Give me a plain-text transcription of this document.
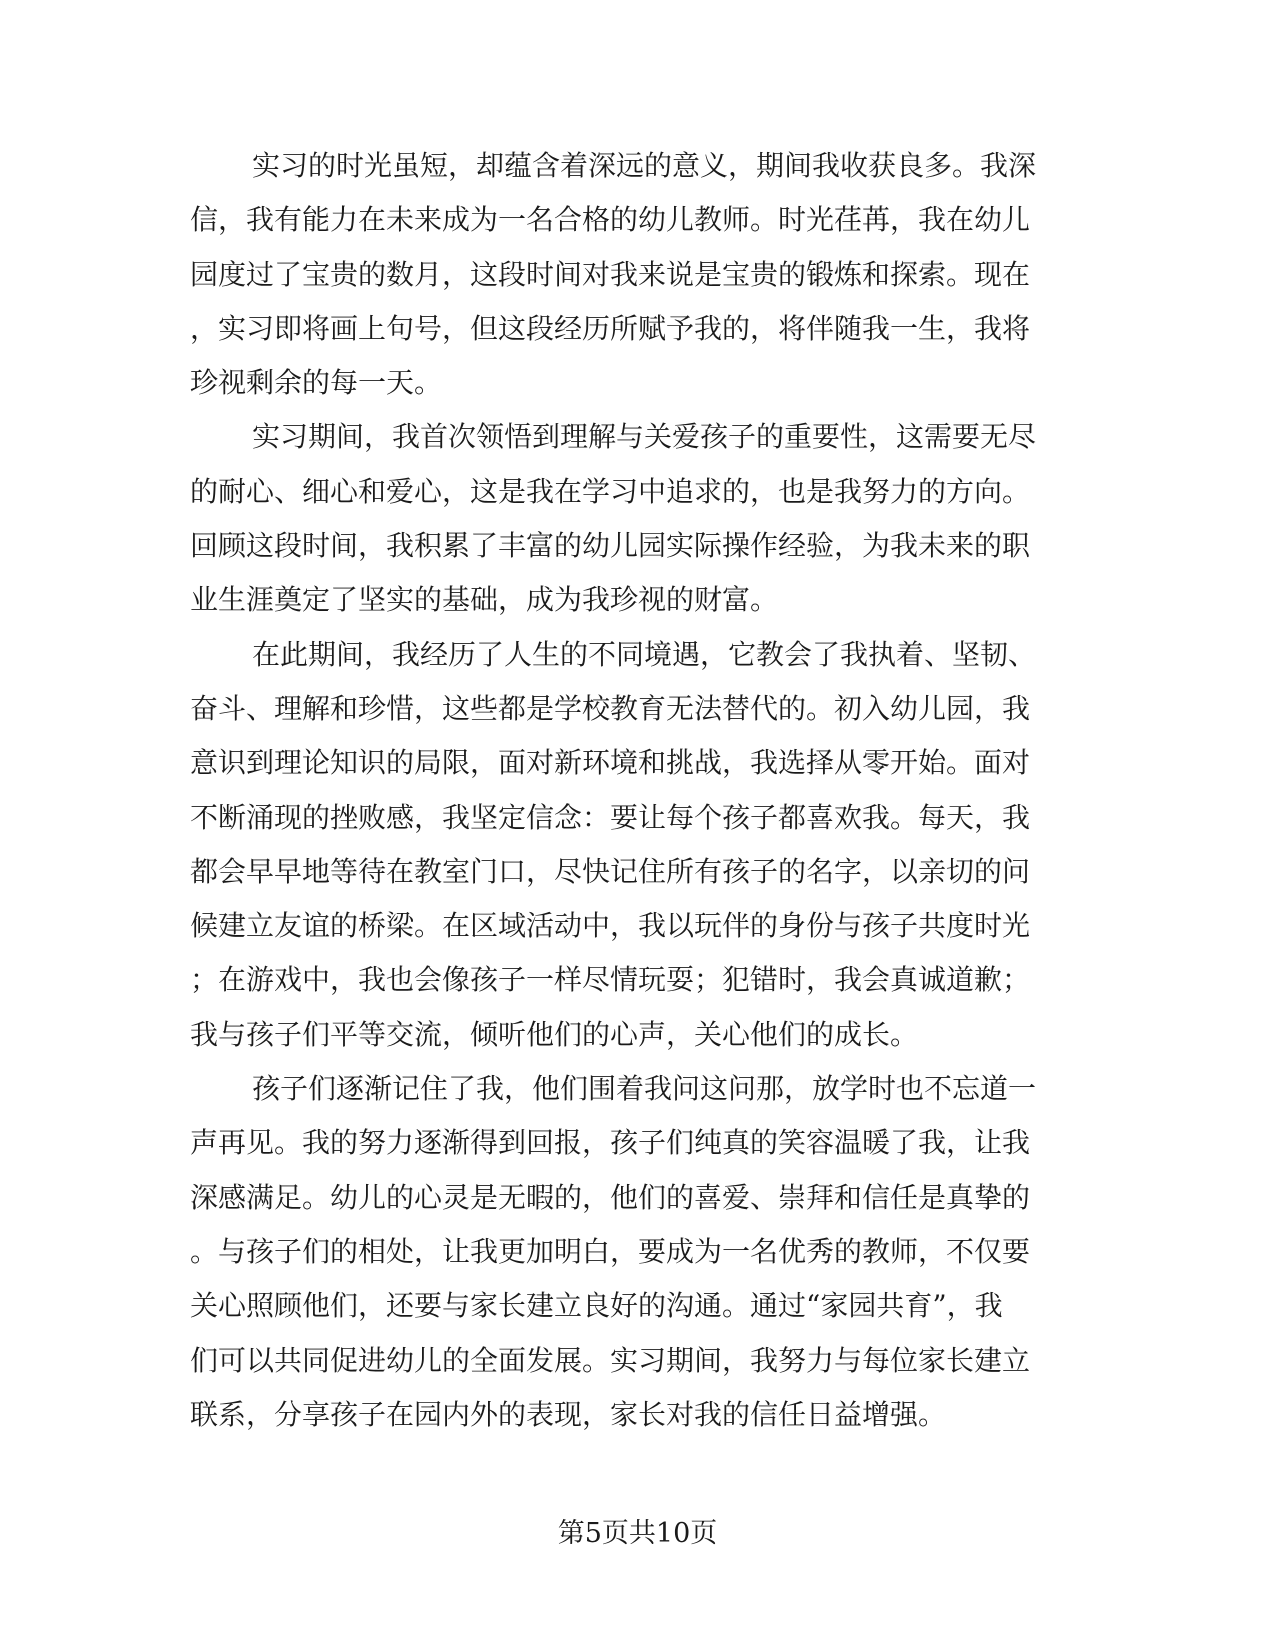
实习的时光虽短，却蕴含着深远的意义，期间我收获良多。我深
信，我有能力在未来成为一名合格的幼儿教师。时光荏苒，我在幼儿
园度过了宝贵的数月，这段时间对我来说是宝贵的锻炼和探索。现在
，实习即将画上句号，但这段经历所赋予我的，将伴随我一生，我将
珍视剩余的每一天。
实习期间，我首次领悟到理解与关爱孩子的重要性，这需要无尽
的耐心、细心和爱心，这是我在学习中追求的，也是我努力的方向。
回顾这段时间，我积累了丰富的幼儿园实际操作经验，为我未来的职
业生涯奠定了坚实的基础，成为我珍视的财富。
在此期间，我经历了人生的不同境遇，它教会了我执着、坚韧、
奋斗、理解和珍惜，这些都是学校教育无法替代的。初入幼儿园，我
意识到理论知识的局限，面对新环境和挑战，我选择从零开始。面对
不断涌现的挫败感，我坚定信念：要让每个孩子都喜欢我。每天，我
都会早早地等待在教室门口，尽快记住所有孩子的名字，以亲切的问
候建立友谊的桥梁。在区域活动中，我以玩伴的身份与孩子共度时光
；在游戏中，我也会像孩子一样尽情玩耍；犯错时，我会真诚道歉；
我与孩子们平等交流，倾听他们的心声，关心他们的成长。
孩子们逐渐记住了我，他们围着我问这问那，放学时也不忘道一
声再见。我的努力逐渐得到回报，孩子们纯真的笑容温暖了我，让我
深感满足。幼儿的心灵是无暇的，他们的喜爱、崇拜和信任是真挚的
。与孩子们的相处，让我更加明白，要成为一名优秀的教师，不仅要
关心照顾他们，还要与家长建立良好的沟通。通过“家园共育”，我
们可以共同促进幼儿的全面发展。实习期间，我努力与每位家长建立
联系，分享孩子在园内外的表现，家长对我的信任日益增强。
第5页共10页
